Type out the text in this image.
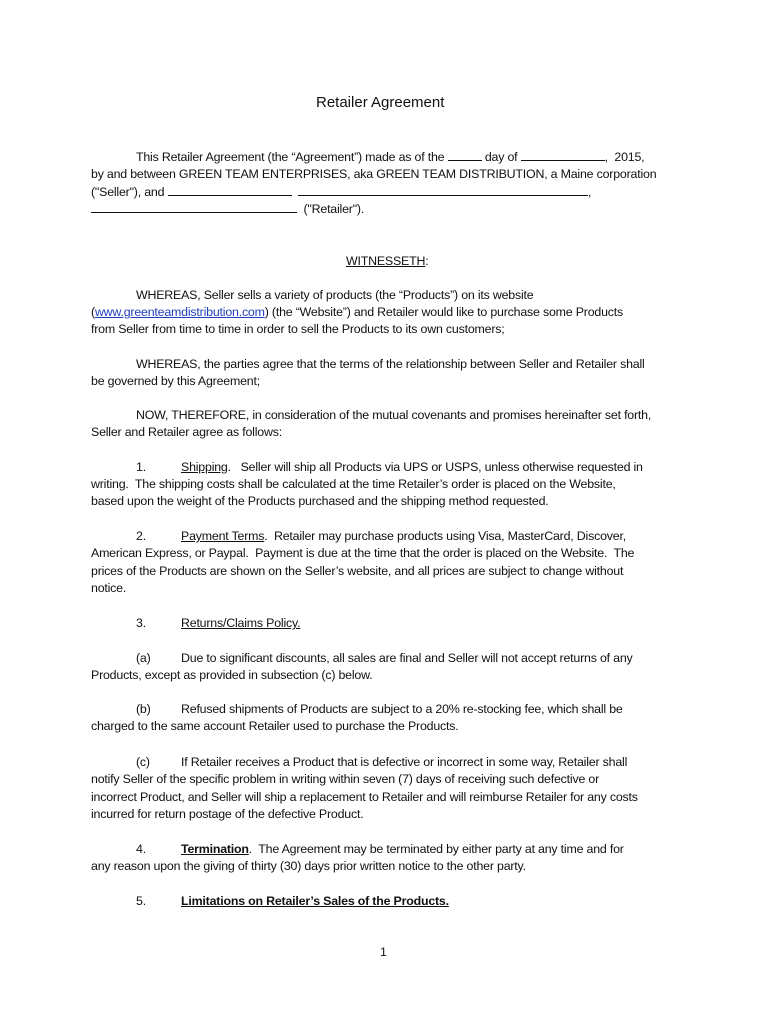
Retailer Agreement
This Retailer Agreement (the “Agreement”) made as of the	day of	,  2015,
by and between GREEN TEAM ENTERPRISES, aka GREEN TEAM DISTRIBUTION, a Maine corporation
("Seller"), and	,
("Retailer").
WITNESSETH:
WHEREAS, Seller sells a variety of products (the “Products”) on its website
(www.greenteamdistribution.com) (the “Website”) and Retailer would like to purchase some Products
from Seller from time to time in order to sell the Products to its own customers;
WHEREAS, the parties agree that the terms of the relationship between Seller and Retailer shall
be governed by this Agreement;
NOW, THEREFORE, in consideration of the mutual covenants and promises hereinafter set forth,
Seller and Retailer agree as follows:
1.	Shipping.   Seller will ship all Products via UPS or USPS, unless otherwise requested in
writing.  The shipping costs shall be calculated at the time Retailer’s order is placed on the Website,
based upon the weight of the Products purchased and the shipping method requested.
2.	Payment Terms.  Retailer may purchase products using Visa, MasterCard, Discover,
American Express, or Paypal.  Payment is due at the time that the order is placed on the Website.  The
prices of the Products are shown on the Seller’s website, and all prices are subject to change without
notice.
3.	Returns/Claims Policy.
(a) Due to significant discounts, all sales are final and Seller will not accept returns of any
Products, except as provided in subsection (c) below.
(b) Refused shipments of Products are subject to a 20% re-stocking fee, which shall be
charged to the same account Retailer used to purchase the Products.
(c)	If Retailer receives a Product that is defective or incorrect in some way, Retailer shall
notify Seller of the specific problem in writing within seven (7) days of receiving such defective or
incorrect Product, and Seller will ship a replacement to Retailer and will reimburse Retailer for any costs
incurred for return postage of the defective Product.
4.	Termination.  The Agreement may be terminated by either party at any time and for
any reason upon the giving of thirty (30) days prior written notice to the other party.
5.	Limitations on Retailer’s Sales of the Products.
1
